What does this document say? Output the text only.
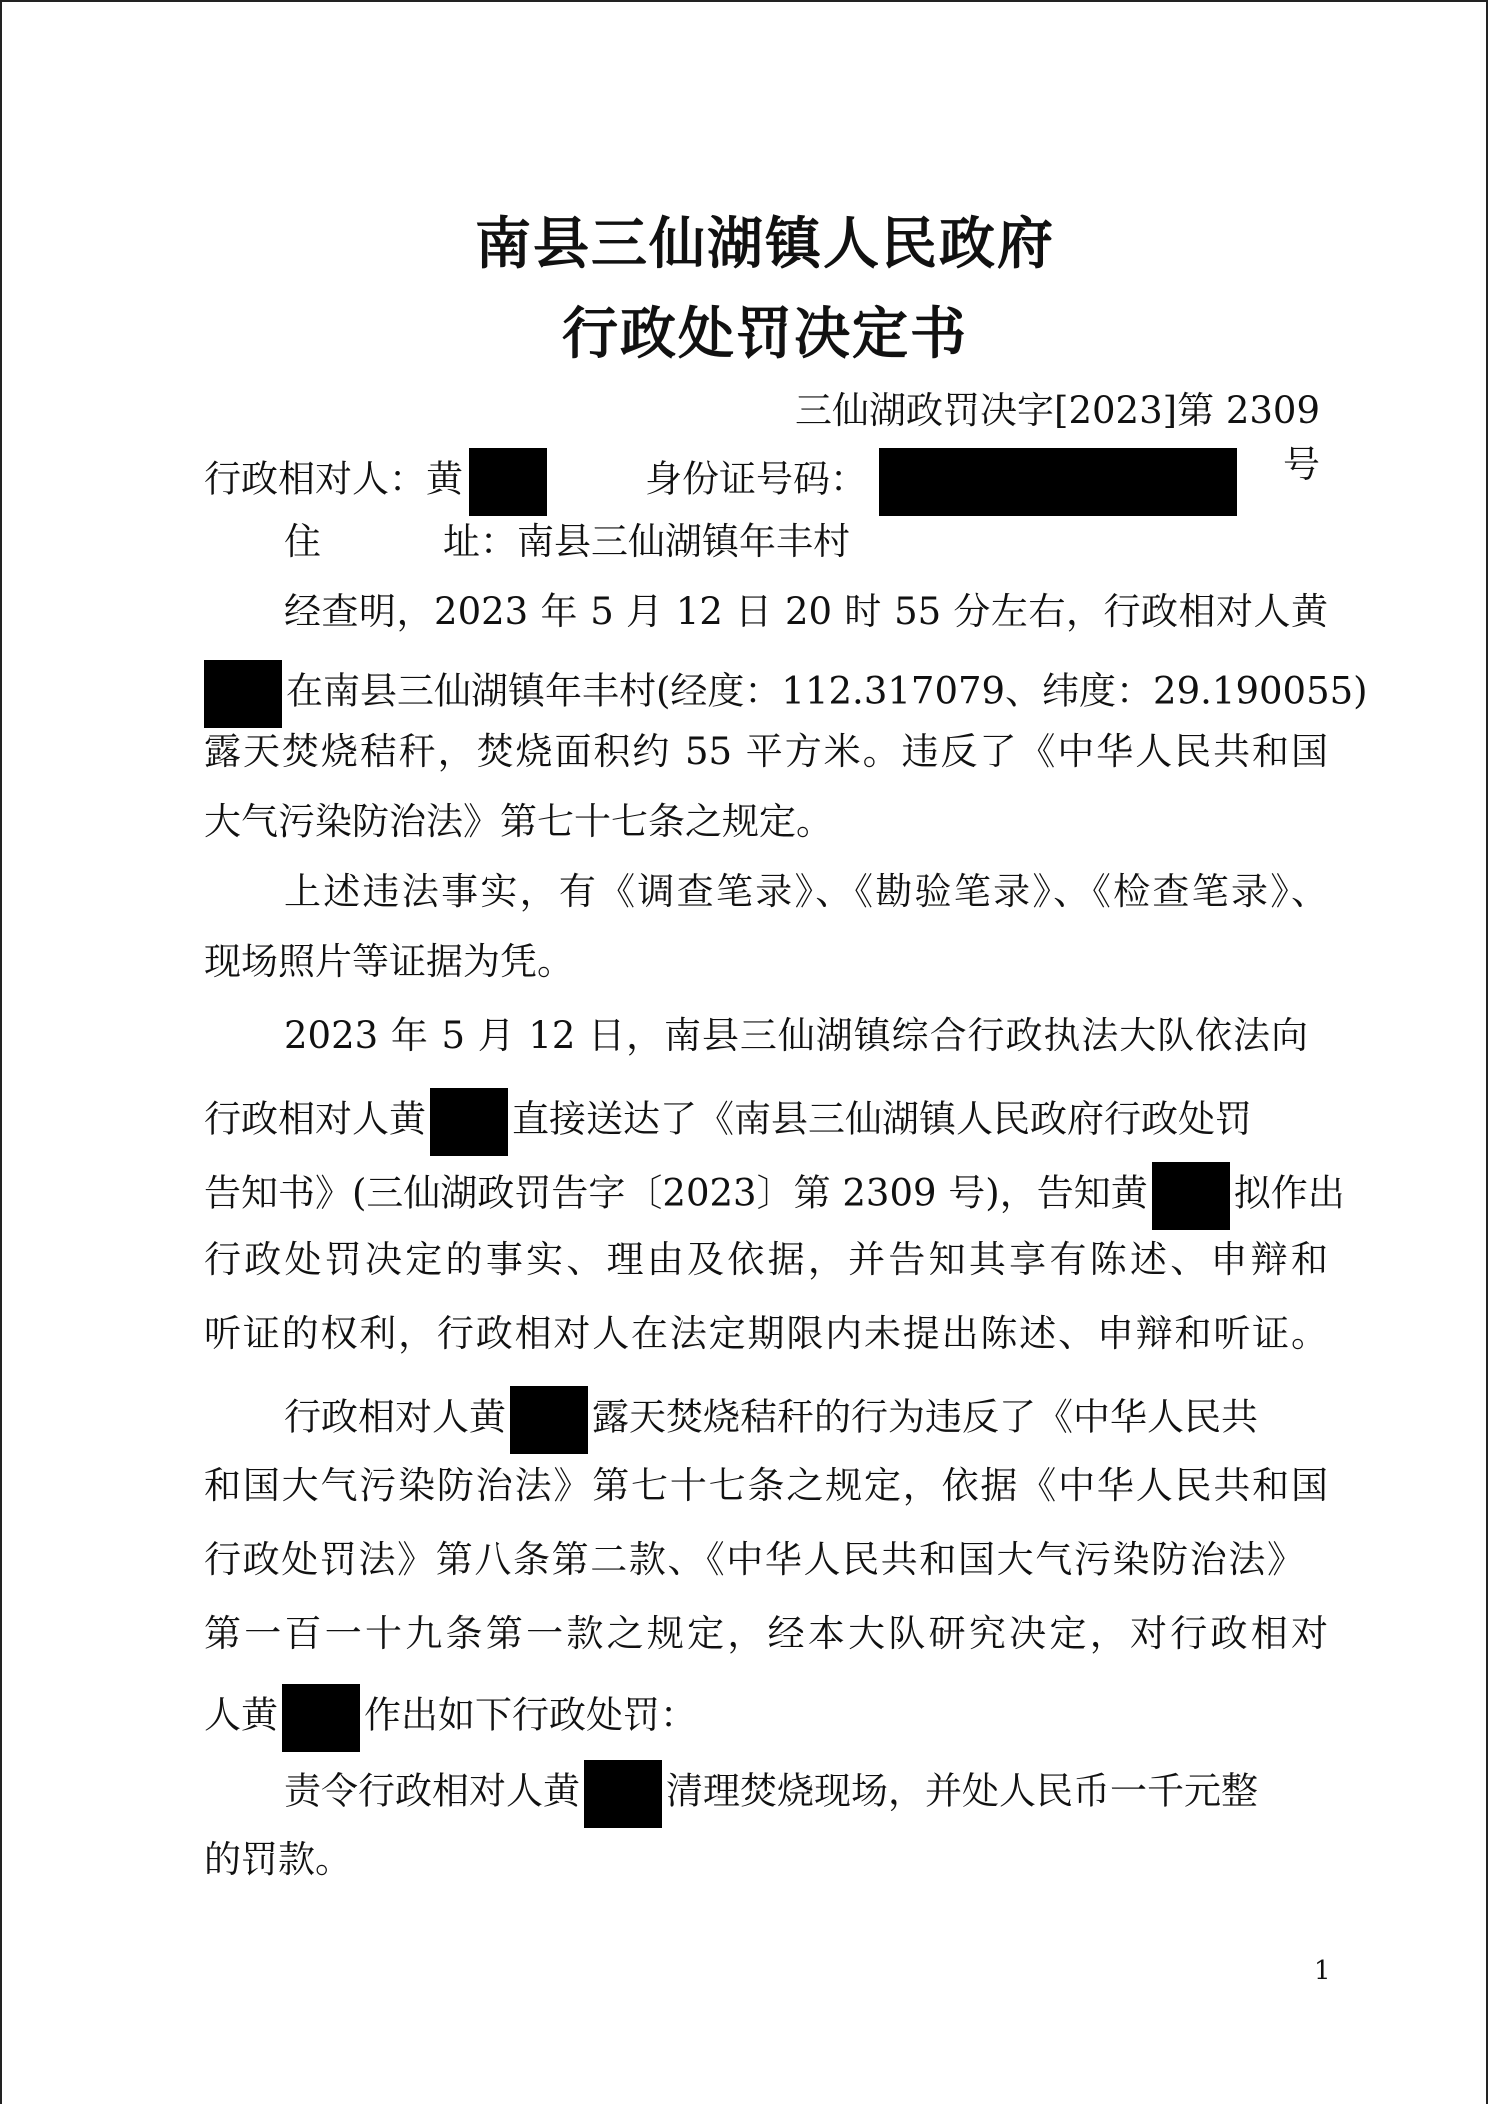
南县三仙湖镇人民政府
行政处罚决定书
三仙湖政罚决字[2023]第 2309 号
行政相对人：黄	身份证号码：
住	址：南县三仙湖镇年丰村
经查明，2023 年 5 月 12 日 20 时 55 分左右，行政相对人黄
在南县三仙湖镇年丰村(经度：112.317079、纬度：29.190055)
露天焚烧秸秆，焚烧面积约 55 平方米。违反了《中华人民共和国
大气污染防治法》第七十七条之规定。
上述违法事实，有《调查笔录》、《勘验笔录》、《检查笔录》、
现场照片等证据为凭。
2023 年 5 月 12 日，南县三仙湖镇综合行政执法大队依法向
行政相对人黄 直接送达了《南县三仙湖镇人民政府行政处罚
告知书》(三仙湖政罚告字〔2023〕第 2309 号)，告知黄 拟作出
行政处罚决定的事实、理由及依据，并告知其享有陈述、申辩和
听证的权利，行政相对人在法定期限内未提出陈述、申辩和听证。
行政相对人黄 露天焚烧秸秆的行为违反了《中华人民共
和国大气污染防治法》第七十七条之规定，依据《中华人民共和国
行政处罚法》第八条第二款、《中华人民共和国大气污染防治法》
第一百一十九条第一款之规定，经本大队研究决定，对行政相对
人黄 作出如下行政处罚：
责令行政相对人黄 清理焚烧现场，并处人民币一千元整
的罚款。
1
